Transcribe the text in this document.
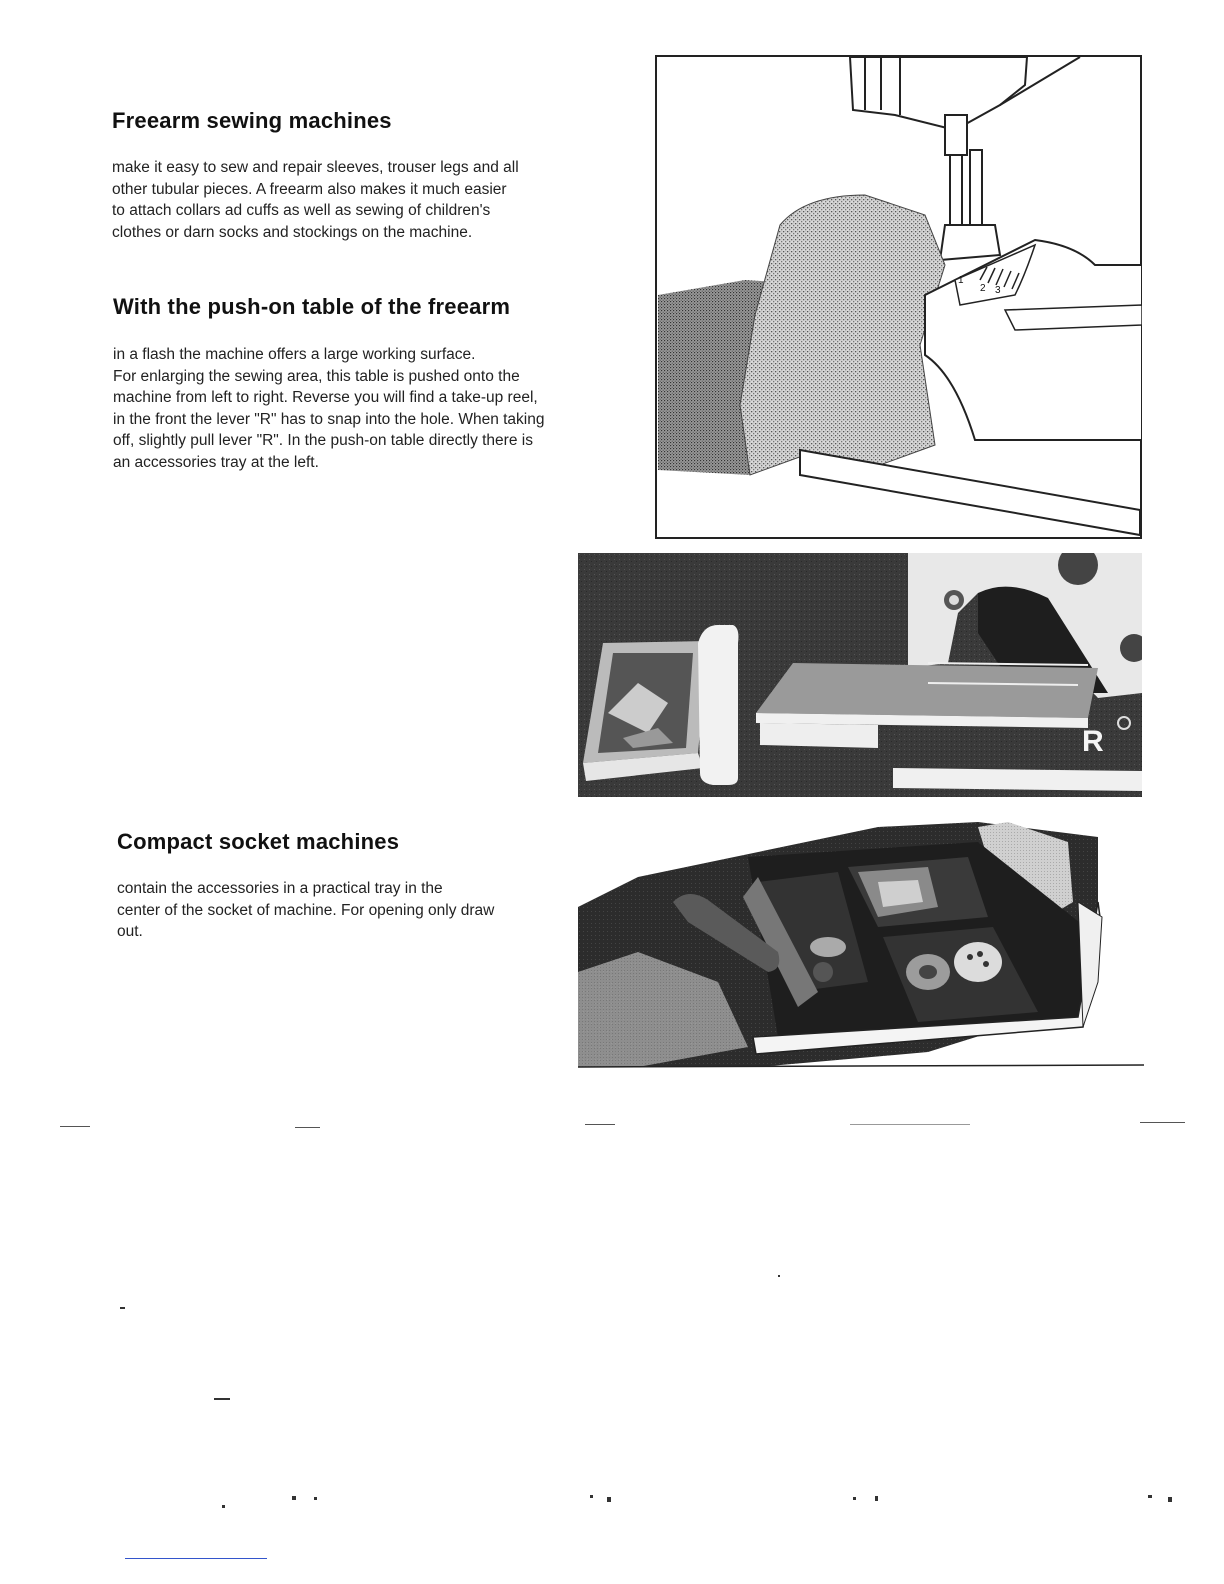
Freearm sewing machines
make it easy to sew and repair sleeves, trouser legs and all
other tubular pieces. A freearm also makes it much easier
to attach collars ad cuffs as well as sewing of children's
clothes or darn socks and stockings on the machine.
With the push-on table of the freearm
in a flash the machine offers a large working surface.
For enlarging the sewing area, this table is pushed onto the
machine from left to right. Reverse you will find a take-up reel,
in the front the lever "R" has to snap into the hole. When taking
off, slightly pull lever "R". In the push-on table directly there is
an accessories tray at the left.
Compact socket machines
contain the accessories in a practical tray in the
center of the socket of machine. For opening only draw
out.
1
2 3
R
